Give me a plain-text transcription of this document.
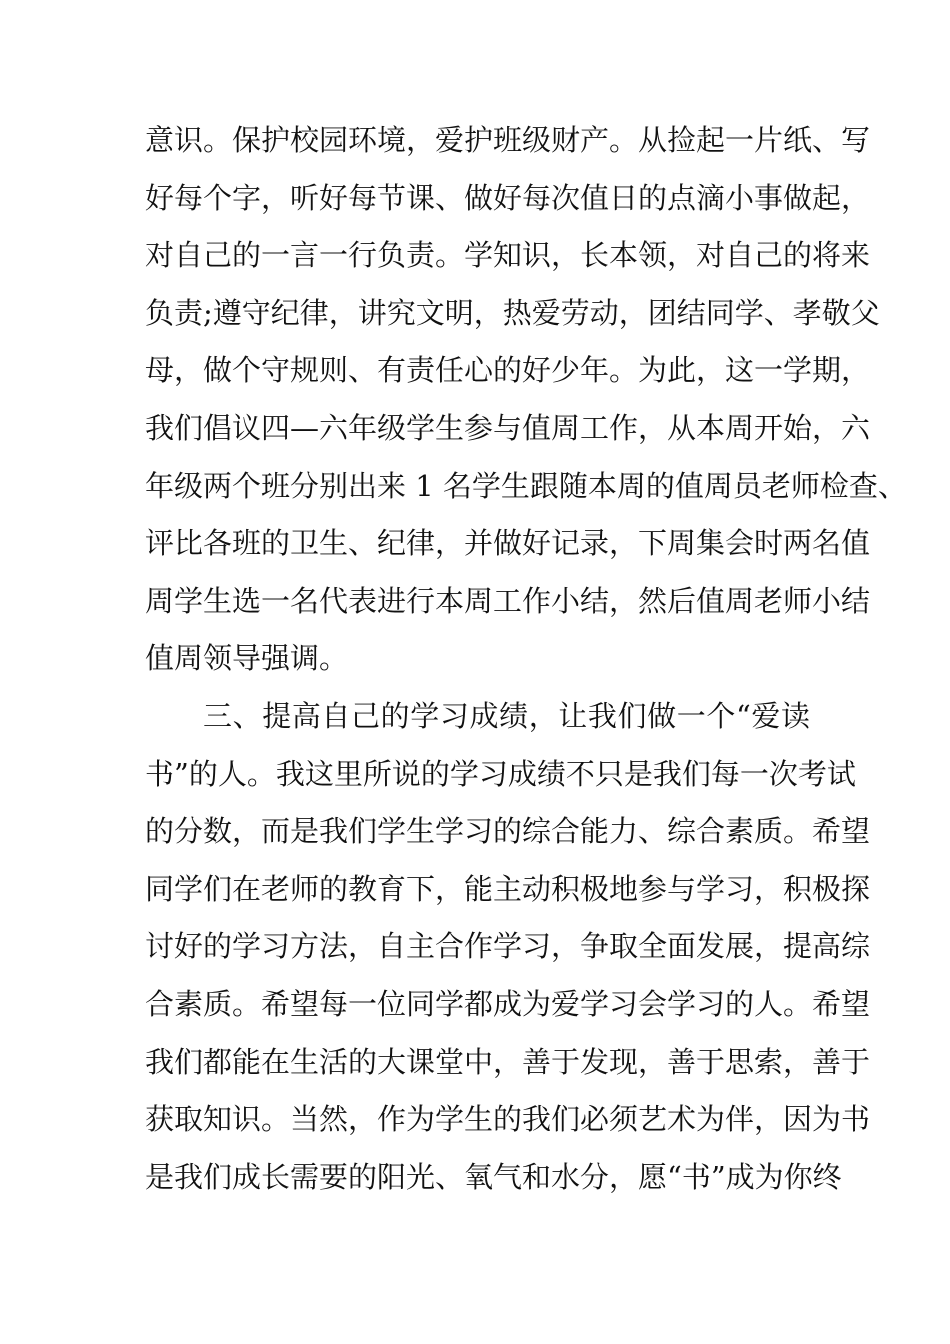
意识。保护校园环境，爱护班级财产。从捡起一片纸、写
好每个字，听好每节课、做好每次值日的点滴小事做起，
对自己的一言一行负责。学知识，长本领，对自己的将来
负责;遵守纪律，讲究文明，热爱劳动，团结同学、孝敬父
母，做个守规则、有责任心的好少年。为此，这一学期，
我们倡议四—六年级学生参与值周工作，从本周开始，六
年级两个班分别出来 1 名学生跟随本周的值周员老师检查、
评比各班的卫生、纪律，并做好记录，下周集会时两名值
周学生选一名代表进行本周工作小结，然后值周老师小结
值周领导强调。
三、提高自己的学习成绩，让我们做一个“爱读
书”的人。我这里所说的学习成绩不只是我们每一次考试
的分数，而是我们学生学习的综合能力、综合素质。希望
同学们在老师的教育下，能主动积极地参与学习，积极探
讨好的学习方法，自主合作学习，争取全面发展，提高综
合素质。希望每一位同学都成为爱学习会学习的人。希望
我们都能在生活的大课堂中，善于发现，善于思索，善于
获取知识。当然，作为学生的我们必须艺术为伴，因为书
是我们成长需要的阳光、氧气和水分，愿“书”成为你终
